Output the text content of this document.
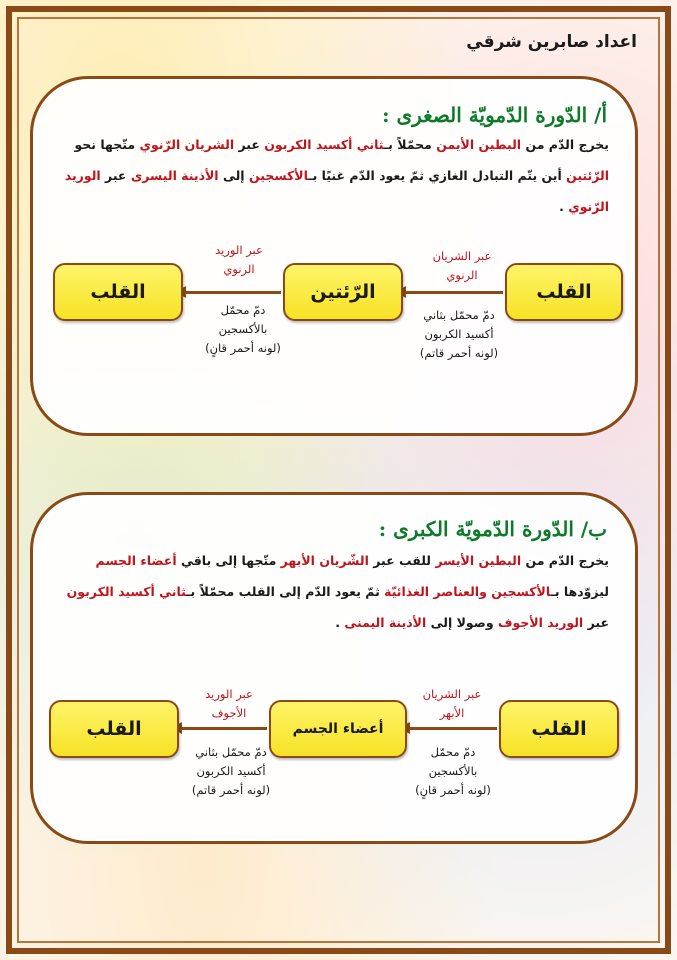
اعداد صابرين شرقي
أ/ الدّورة الدّمويّة الصغرى :
يخرج الدّم من البطين الأيمن محمّلاً بـثاني أكسيد الكربون عبر الشريان الرّنوي متّجها نحو الرّئتين أين يتّم التبادل الغازي ثمّ يعود الدّم غنيًا بـالأكسجين إلى الأذينة اليسرى عبر الوريد الرّنوي .
عبر الشريان
الرنوي
عبر الوريد
الرنوي
القلب
الرّئتين
القلب
دمّ محمّل بثاني
أكسيد الكربون
(لونه أحمر قاتم)
دمّ محمّل
بالأكسجين
(لونه أحمر قانٍ)
ب/ الدّورة الدّمويّة الكبرى :
يخرج الدّم من البطين الأيسر للقب عبر الشّريان الأبهر متّجها إلى باقي أعضاء الجسم ليزوّدها بـالأكسجين والعناصر الغذائيّة ثمّ يعود الدّم إلى القلب محمّلاً بـثاني أكسيد الكربون عبر الوريد الأجوف وصولا إلى الأذينة اليمنى .
عبر الشريان
الأبهر
عبر الوريد
الأجوف
القلب
أعضاء الجسم
القلب
دمّ محمّل
بالأكسجين
(لونه أحمر قانٍ)
دمّ محمّل بثاني
أكسيد الكربون
(لونه أحمر قاتم)
